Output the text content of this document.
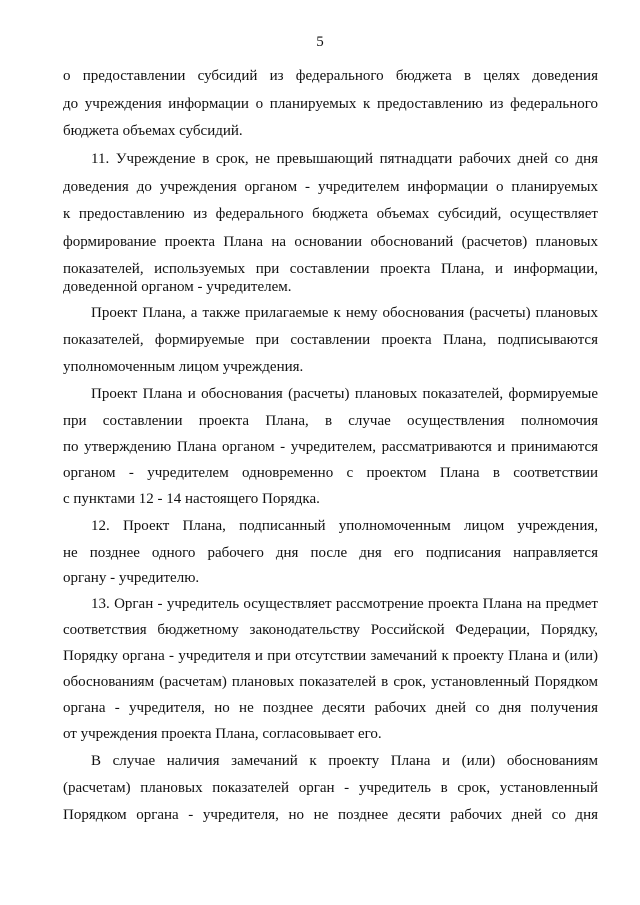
5
о предоставлении субсидий из федерального бюджета в целях доведения
до учреждения информации о планируемых к предоставлению из федерального
бюджета объемах субсидий.
11. Учреждение в срок, не превышающий пятнадцати рабочих дней со дня
доведения до учреждения органом - учредителем информации о планируемых
к предоставлению из федерального бюджета объемах субсидий, осуществляет
формирование проекта Плана на основании обоснований (расчетов) плановых
показателей, используемых при составлении проекта Плана, и информации,
доведенной органом - учредителем.
Проект Плана, а также прилагаемые к нему обоснования (расчеты) плановых
показателей, формируемые при составлении проекта Плана, подписываются
уполномоченным лицом учреждения.
Проект Плана и обоснования (расчеты) плановых показателей, формируемые
при составлении проекта Плана, в случае осуществления полномочия
по утверждению Плана органом - учредителем, рассматриваются и принимаются
органом - учредителем одновременно с проектом Плана в соответствии
с пунктами 12 - 14 настоящего Порядка.
12. Проект Плана, подписанный уполномоченным лицом учреждения,
не позднее одного рабочего дня после дня его подписания направляется
органу - учредителю.
13. Орган - учредитель осуществляет рассмотрение проекта Плана на предмет
соответствия бюджетному законодательству Российской Федерации, Порядку,
Порядку органа - учредителя и при отсутствии замечаний к проекту Плана и (или)
обоснованиям (расчетам) плановых показателей в срок, установленный Порядком
органа - учредителя, но не позднее десяти рабочих дней со дня получения
от учреждения проекта Плана, согласовывает его.
В случае наличия замечаний к проекту Плана и (или) обоснованиям
(расчетам) плановых показателей орган - учредитель в срок, установленный
Порядком органа - учредителя, но не позднее десяти рабочих дней со дня
